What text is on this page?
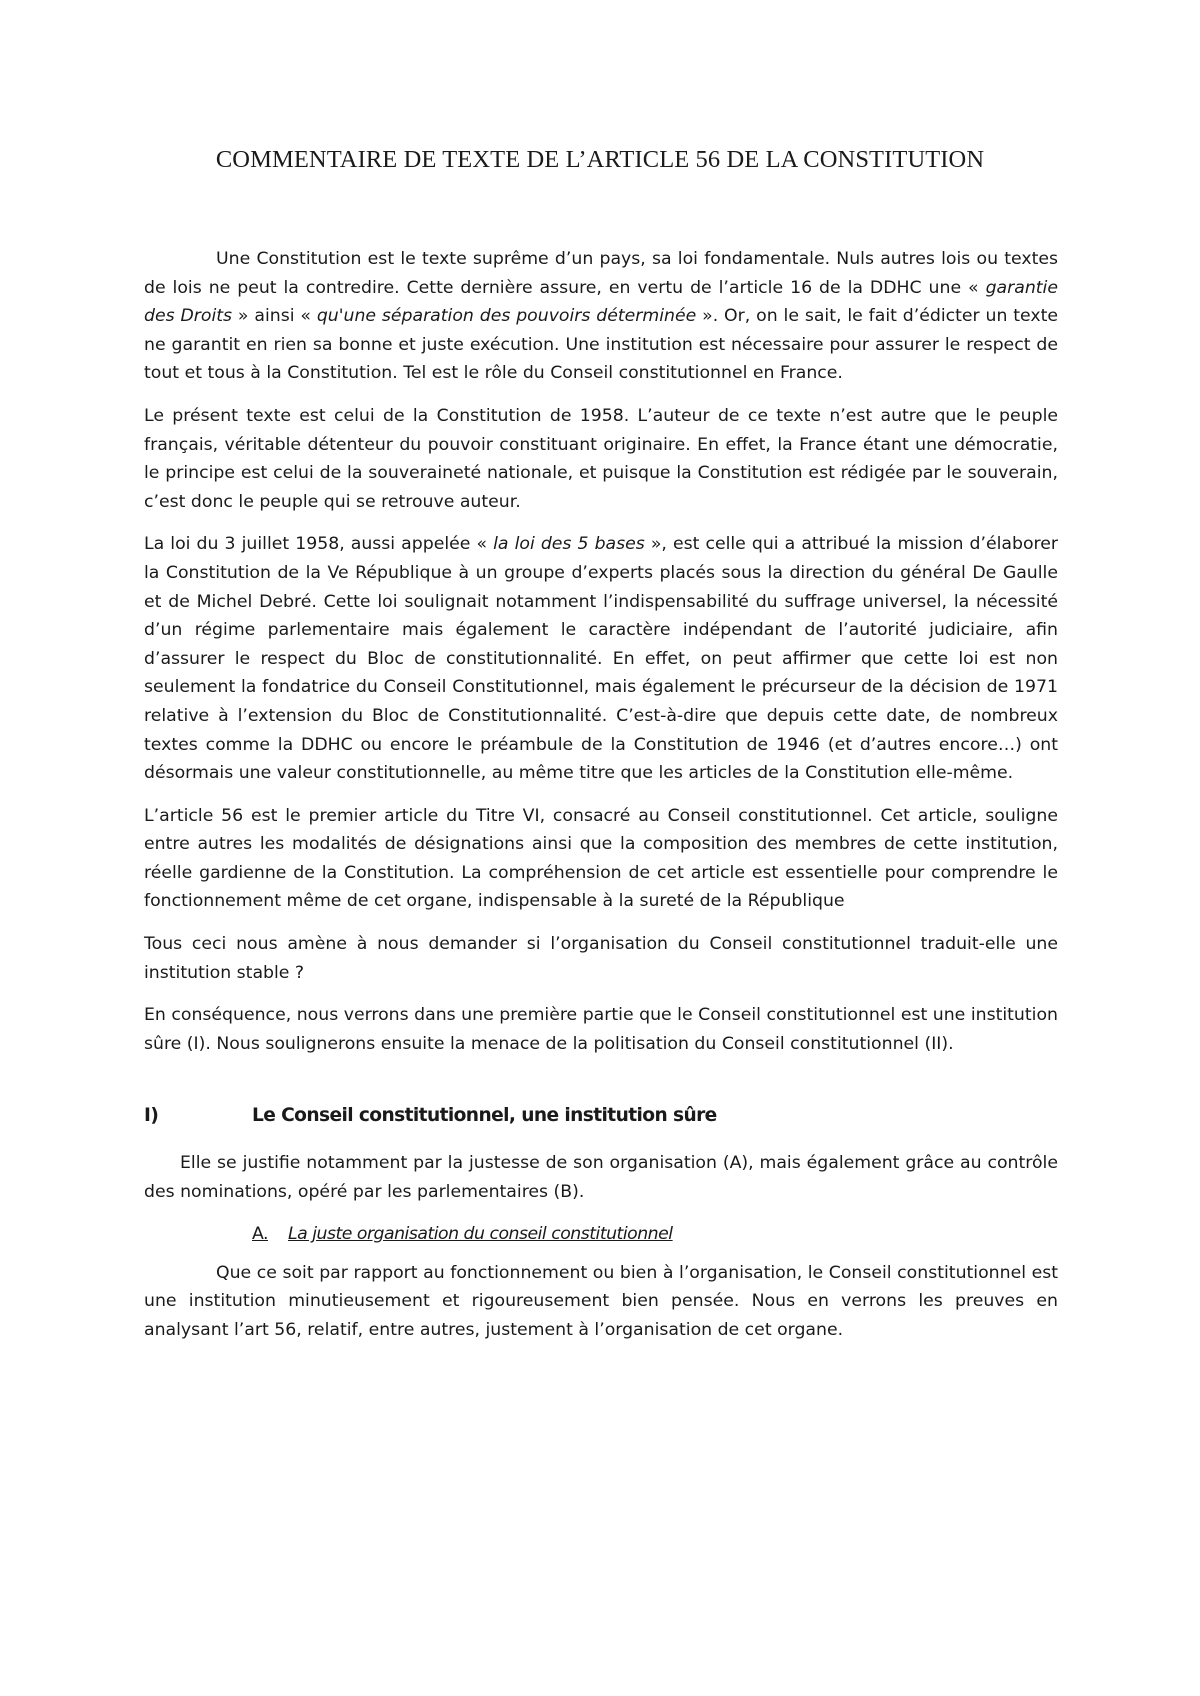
COMMENTAIRE DE TEXTE DE L’ARTICLE 56 DE LA CONSTITUTION

Une Constitution est le texte suprême d’un pays, sa loi fondamentale. Nuls autres lois ou textes de lois ne peut la contredire. Cette dernière assure, en vertu de l’article 16 de la DDHC une « garantie des Droits » ainsi « qu'une séparation des pouvoirs déterminée ». Or, on le sait, le fait d’édicter un texte ne garantit en rien sa bonne et juste exécution. Une institution est nécessaire pour assurer le respect de tout et tous à la Constitution. Tel est le rôle du Conseil constitutionnel en France.

Le présent texte est celui de la Constitution de 1958. L’auteur de ce texte n’est autre que le peuple français, véritable détenteur du pouvoir constituant originaire. En effet, la France étant une démocratie, le principe est celui de la souveraineté nationale, et puisque la Constitution est rédigée par le souverain, c’est donc le peuple qui se retrouve auteur.

La loi du 3 juillet 1958, aussi appelée « la loi des 5 bases », est celle qui a attribué la mission d’élaborer la Constitution de la Ve République à un groupe d’experts placés sous la direction du général De Gaulle et de Michel Debré. Cette loi soulignait notamment l’indispensabilité du suffrage universel, la nécessité d’un régime parlementaire mais également le caractère indépendant de l’autorité judiciaire, afin d’assurer le respect du Bloc de constitutionnalité. En effet, on peut affirmer que cette loi est non seulement la fondatrice du Conseil Constitutionnel, mais également le précurseur de la décision de 1971 relative à l’extension du Bloc de Constitutionnalité. C’est-à-dire que depuis cette date, de nombreux textes comme la DDHC ou encore le préambule de la Constitution de 1946 (et d’autres encore…) ont désormais une valeur constitutionnelle, au même titre que les articles de la Constitution elle-même.

L’article 56 est le premier article du Titre VI, consacré au Conseil constitutionnel. Cet article, souligne entre autres les modalités de désignations ainsi que la composition des membres de cette institution, réelle gardienne de la Constitution. La compréhension de cet article est essentielle pour comprendre le fonctionnement même de cet organe, indispensable à la sureté de la République

Tous ceci nous amène à nous demander si l’organisation du Conseil constitutionnel traduit-elle une institution stable ?

En conséquence, nous verrons dans une première partie que le Conseil constitutionnel est une institution sûre (I). Nous soulignerons ensuite la menace de la politisation du Conseil constitutionnel (II).

I)	Le Conseil constitutionnel, une institution sûre

Elle se justifie notamment par la justesse de son organisation (A), mais également grâce au contrôle des nominations, opéré par les parlementaires (B).

A. La juste organisation du conseil constitutionnel

Que ce soit par rapport au fonctionnement ou bien à l’organisation, le Conseil constitutionnel est une institution minutieusement et rigoureusement bien pensée. Nous en verrons les preuves en analysant l’art 56, relatif, entre autres, justement à l’organisation de cet organe.
